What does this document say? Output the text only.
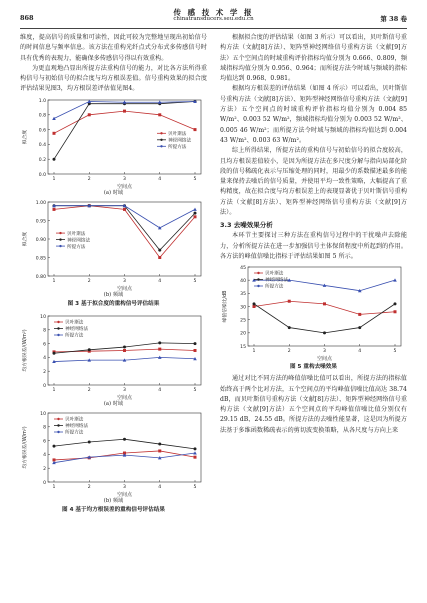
868
传 感 技 术 学 报
chinatransducers.seu.edu.cn	第 38 卷

维度，提高信号的质量和可读性，因此可较为完整地呈现出初始信号的时间信息与频率信息。该方法在重构光纤点式分布式多传感信号时具有优秀的表现力，能确保多传感信号得以有效重构。

为更直观地凸显出所提方法重构信号的能力，对比各方法所得重构信号与初始信号的拟合度与均方根误差值。信号重构效果的拟合度评估结果见图3，均方根误差评估值见图4。

0.0
0.2
0.4
0.6
0.8
1.0
1	2	3	4	5
空间点
拟合度	贝叶斯法
神经网络法
所提方法

(a) 时域

0.80
0.85
0.90
0.95
1.00
1	2	3	4	5
空间点
拟合度	贝叶斯法
神经网络法
所提方法

(b) 频域

图 3 基于拟合度的重构信号评估结果

0
2
4
6
8
10
1	2	3	4	5
空间点
均方根误差/(W/m²)
贝叶斯法
神经网络法
所提方法

(a) 时域

0
2
4
6
8
10
1	2	3	4	5
空间点
均方根误差/(W/m²)
贝叶斯法
神经网络法
所提方法

(b) 频域

图 4 基于均方根误差的重构信号评估结果

根据拟合度的评估结果（如图 3 所示）可以看出，贝叶斯信号重构方法（文献[8]方法）、矩阵型神经网络信号重构方法（文献[9]方法）五个空间点的时域重构评价指标均值分别为 0.666、0.809，频域指标均值分别为 0.956、0.964；而所提方法令时域与频域的指标均值达到 0.968、0.981。

根据均方根误差的评估结果（如图 4 所示）可以看出，贝叶斯信号重构方法（文献[8]方法）、矩阵型神经网络信号重构方法（文献[9]方法）五个空间点的时域重构评价指标均值分别为 0.004 85 W/m²、0.003 52 W/m²，频域指标均值分别为 0.003 52 W/m²、0.005 46 W/m²；而所提方法令时域与频域的指标均值达到 0.004 43 W/m²、0.003 63 W/m²。

综上所得结果，所提方法的重构信号与初始信号的拟合度较高，且均方根误差值较小，是因为所提方法在多尺度分解与指向局部化阶段的信号稀疏化表示与压缩处理的同时，用最少的系数描述最多的能量来保持去噪后的信号质量，并使用平均一致性策略，大幅提高了重构精度，故在拟合度与均方根误差上的表现显著优于贝叶斯信号重构方法（文献[8]方法）、矩阵型神经网络信号重构方法（文献[9]方法）。

3.3 去噪效果分析

本环节主要探讨三种方法在重构信号过程中的干扰噪声去除能力，分析所提方法在进一步加强信号主体保留程度中所起到的作用。各方法的峰值信噪比指标于评估结果如图 5 所示。

15
20
25
30
35
40
45
1	2	3	4	5
空间点
峰值信噪比/dB
贝叶斯法
神经网络法
所提方法

图 5 重构去噪效果

通过对比不同方法的峰值信噪比值可以看出，所提方法的指标值始终高于两个比对方法，五个空间点的平均峰值信噪比值高达 38.74 dB，而贝叶斯信号重构方法（文献[8]方法）、矩阵型神经网络信号重构方法（文献[9]方法）五个空间点的平均峰值信噪比值分别仅有 29.15 dB、24.55 dB。所提方法的去噪性能显著，这是因为所提方法基于多维函数稀疏表示的剪切波变换策略，从各尺度与方向上来
